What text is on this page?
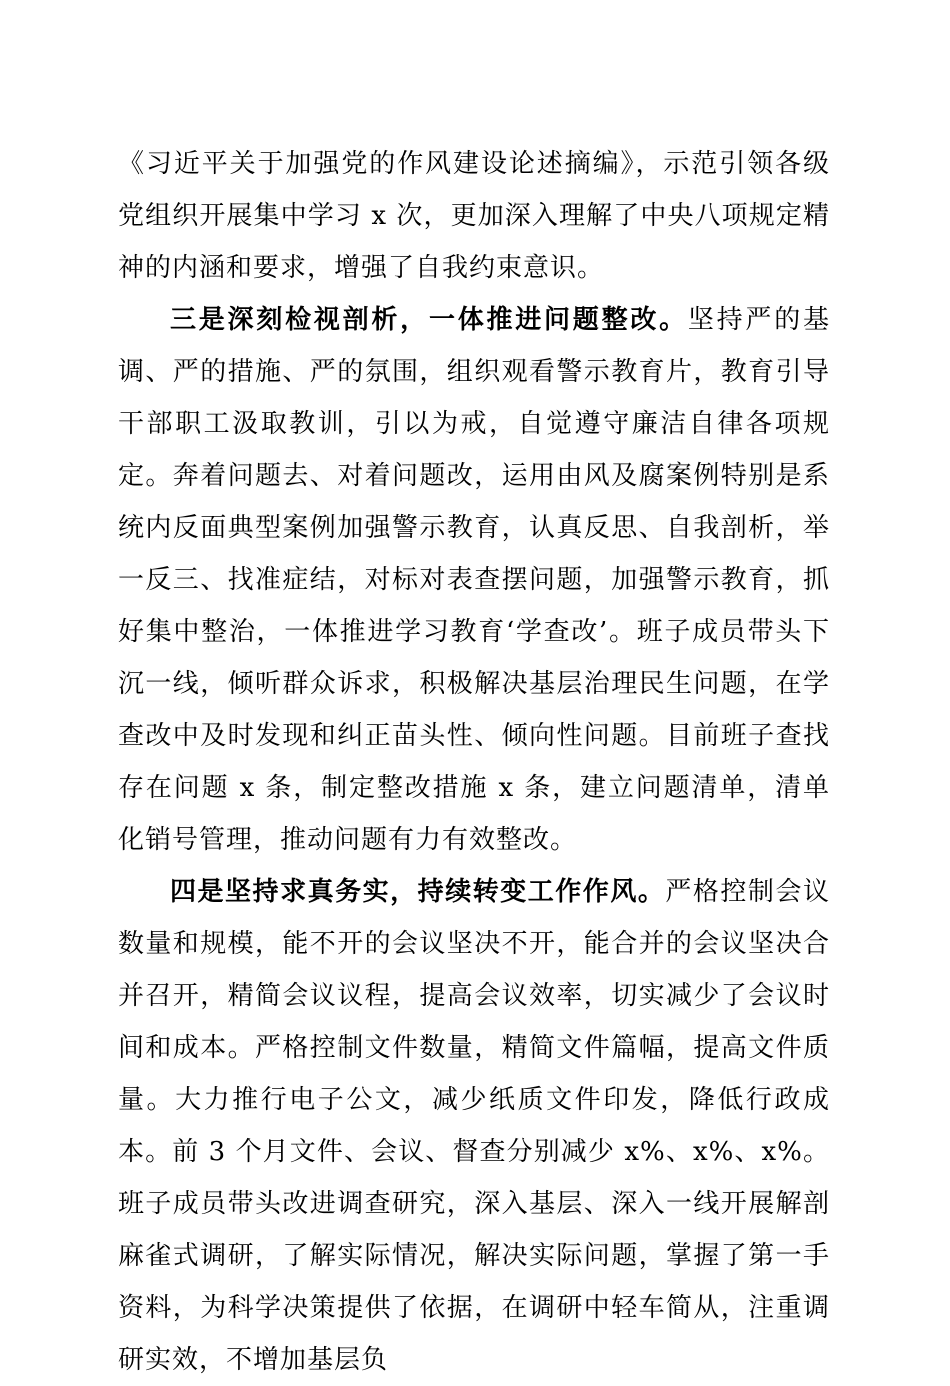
《习近平关于加强党的作风建设论述摘编》，示范引领各级党组织开展集中学习 x 次，更加深入理解了中央八项规定精神的内涵和要求，增强了自我约束意识。

三是深刻检视剖析，一体推进问题整改。坚持严的基调、严的措施、严的氛围，组织观看警示教育片，教育引导干部职工汲取教训，引以为戒，自觉遵守廉洁自律各项规定。奔着问题去、对着问题改，运用由风及腐案例特别是系统内反面典型案例加强警示教育，认真反思、自我剖析，举一反三、找准症结，对标对表查摆问题，加强警示教育，抓好集中整治，一体推进学习教育‘学查改’。班子成员带头下沉一线，倾听群众诉求，积极解决基层治理民生问题，在学查改中及时发现和纠正苗头性、倾向性问题。目前班子查找存在问题 x 条，制定整改措施 x 条，建立问题清单，清单化销号管理，推动问题有力有效整改。

四是坚持求真务实，持续转变工作作风。严格控制会议数量和规模，能不开的会议坚决不开，能合并的会议坚决合并召开，精简会议议程，提高会议效率，切实减少了会议时间和成本。严格控制文件数量，精简文件篇幅，提高文件质量。大力推行电子公文，减少纸质文件印发，降低行政成本。前 3 个月文件、会议、督查分别减少 x%、x%、x%。班子成员带头改进调查研究，深入基层、深入一线开展解剖麻雀式调研，了解实际情况，解决实际问题，掌握了第一手资料，为科学决策提供了依据，在调研中轻车简从，注重调研实效，不增加基层负
